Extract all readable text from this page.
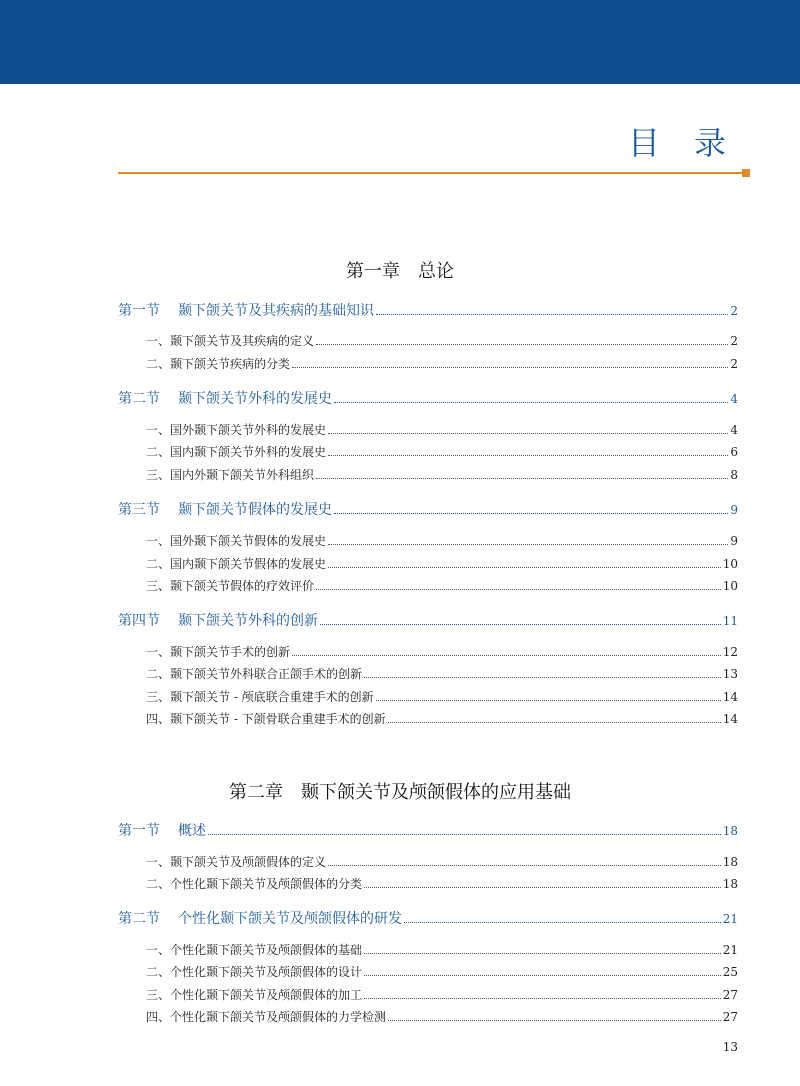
目 录
第一章 总论
第一节 颞下颌关节及其疾病的基础知识	2
一、颞下颌关节及其疾病的定义	2
二、颞下颌关节疾病的分类	2
第二节 颞下颌关节外科的发展史	4
一、国外颞下颌关节外科的发展史	4
二、国内颞下颌关节外科的发展史	6
三、国内外颞下颌关节外科组织	8
第三节 颞下颌关节假体的发展史	9
一、国外颞下颌关节假体的发展史	9
二、国内颞下颌关节假体的发展史	10
三、颞下颌关节假体的疗效评价	10
第四节 颞下颌关节外科的创新	11
一、颞下颌关节手术的创新	12
二、颞下颌关节外科联合正颌手术的创新	13
三、颞下颌关节 - 颅底联合重建手术的创新	14
四、颞下颌关节 - 下颌骨联合重建手术的创新	14
第二章 颞下颌关节及颅颌假体的应用基础
第一节 概述	18
一、颞下颌关节及颅颌假体的定义	18
二、个性化颞下颌关节及颅颌假体的分类	18
第二节 个性化颞下颌关节及颅颌假体的研发	21
一、个性化颞下颌关节及颅颌假体的基础	21
二、个性化颞下颌关节及颅颌假体的设计	25
三、个性化颞下颌关节及颅颌假体的加工	27
四、个性化颞下颌关节及颅颌假体的力学检测	27
13
